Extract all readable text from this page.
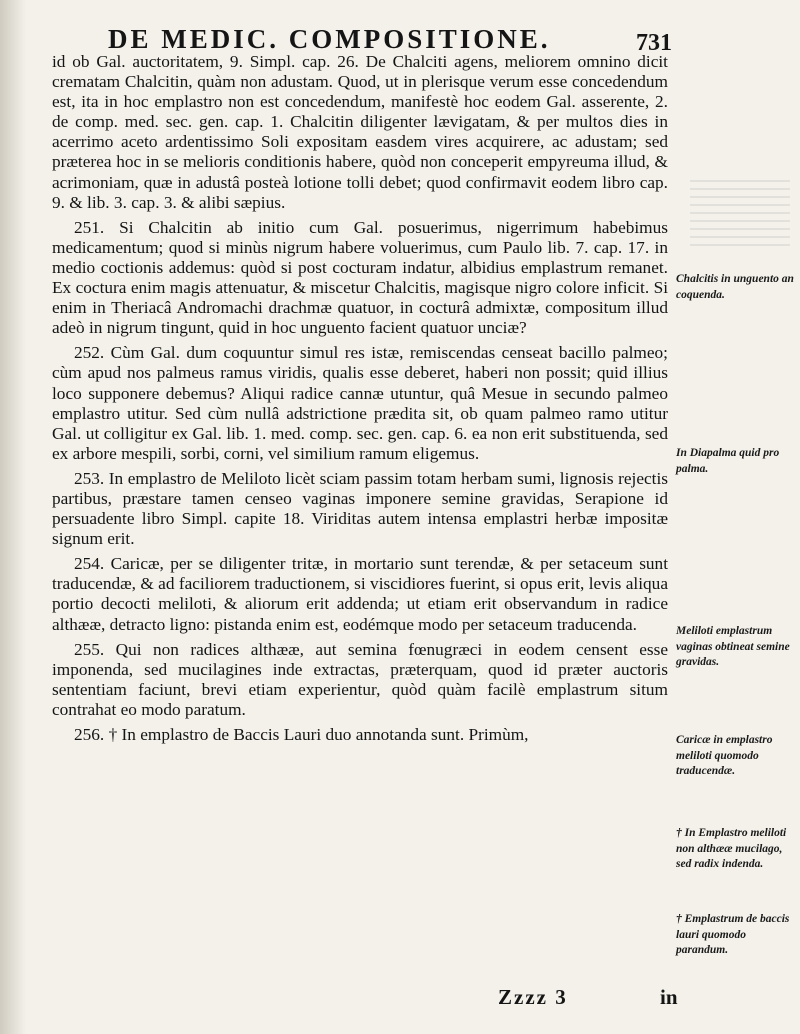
DE MEDIC. COMPOSITIONE.	731

id ob Gal. auctoritatem, 9. Simpl. cap. 26. De Chalciti agens, meliorem omnino dicit crematam Chalcitin, quàm non adustam. Quod, ut in plerisque verum esse concedendum est, ita in hoc emplastro non est concedendum, manifestè hoc eodem Gal. asserente, 2. de comp. med. sec. gen. cap. 1. Chalcitin diligenter lævigatam, & per multos dies in acerrimo aceto ardentissimo Soli expositam easdem vires acquirere, ac adustam; sed præterea hoc in se melioris conditionis habere, quòd non conceperit empyreuma illud, & acrimoniam, quæ in adustâ posteà lotione tolli debet; quod confirmavit eodem libro cap. 9. & lib. 3. cap. 3. & alibi sæpius.

251. Si Chalcitin ab initio cum Gal. posuerimus, nigerrimum habebimus medicamentum; quod si minùs nigrum habere voluerimus, cum Paulo lib. 7. cap. 17. in medio coctionis addemus: quòd si post cocturam indatur, albidius emplastrum remanet. Ex coctura enim magis attenuatur, & miscetur Chalcitis, magisque nigro colore inficit. Si enim in Theriacâ Andromachi drachmæ quatuor, in cocturâ admixtæ, compositum illud adeò in nigrum tingunt, quid in hoc unguento facient quatuor unciæ?

252. Cùm Gal. dum coquuntur simul res istæ, remiscendas censeat bacillo palmeo; cùm apud nos palmeus ramus viridis, qualis esse deberet, haberi non possit; quid illius loco supponere debemus? Aliqui radice cannæ utuntur, quâ Mesue in secundo palmeo emplastro utitur. Sed cùm nullâ adstrictione prædita sit, ob quam palmeo ramo utitur Gal. ut colligitur ex Gal. lib. 1. med. comp. sec. gen. cap. 6. ea non erit substituenda, sed ex arbore mespili, sorbi, corni, vel similium ramum eligemus.

253. In emplastro de Meliloto licèt sciam passim totam herbam sumi, lignosis rejectis partibus, præstare tamen censeo vaginas imponere semine gravidas, Serapione id persuadente libro Simpl. capite 18. Viriditas autem intensa emplastri herbæ impositæ signum erit.

254. Caricæ, per se diligenter tritæ, in mortario sunt terendæ, & per setaceum sunt traducendæ, & ad faciliorem traductionem, si viscidiores fuerint, si opus erit, levis aliqua portio decocti meliloti, & aliorum erit addenda; ut etiam erit observandum in radice althææ, detracto ligno: pistanda enim est, eodémque modo per setaceum traducenda.

255. Qui non radices althææ, aut semina fœnugræci in eodem censent esse imponenda, sed mucilagines inde extractas, præterquam, quod id præter auctoris sententiam faciunt, brevi etiam experientur, quòd quàm facilè emplastrum situm contrahat eo modo paratum.

256. † In emplastro de Baccis Lauri duo annotanda sunt. Primùm,

Chalcitis in unguento an coquenda.
In Diapalma quid pro palma.
Meliloti emplastrum vaginas obtineat semine gravidas.
Caricæ in emplastro meliloti quomodo traducendæ.
† In Emplastro meliloti non althææ mucilago, sed radix indenda.
† Emplastrum de baccis lauri quomodo parandum.
Zzzz 3	in
